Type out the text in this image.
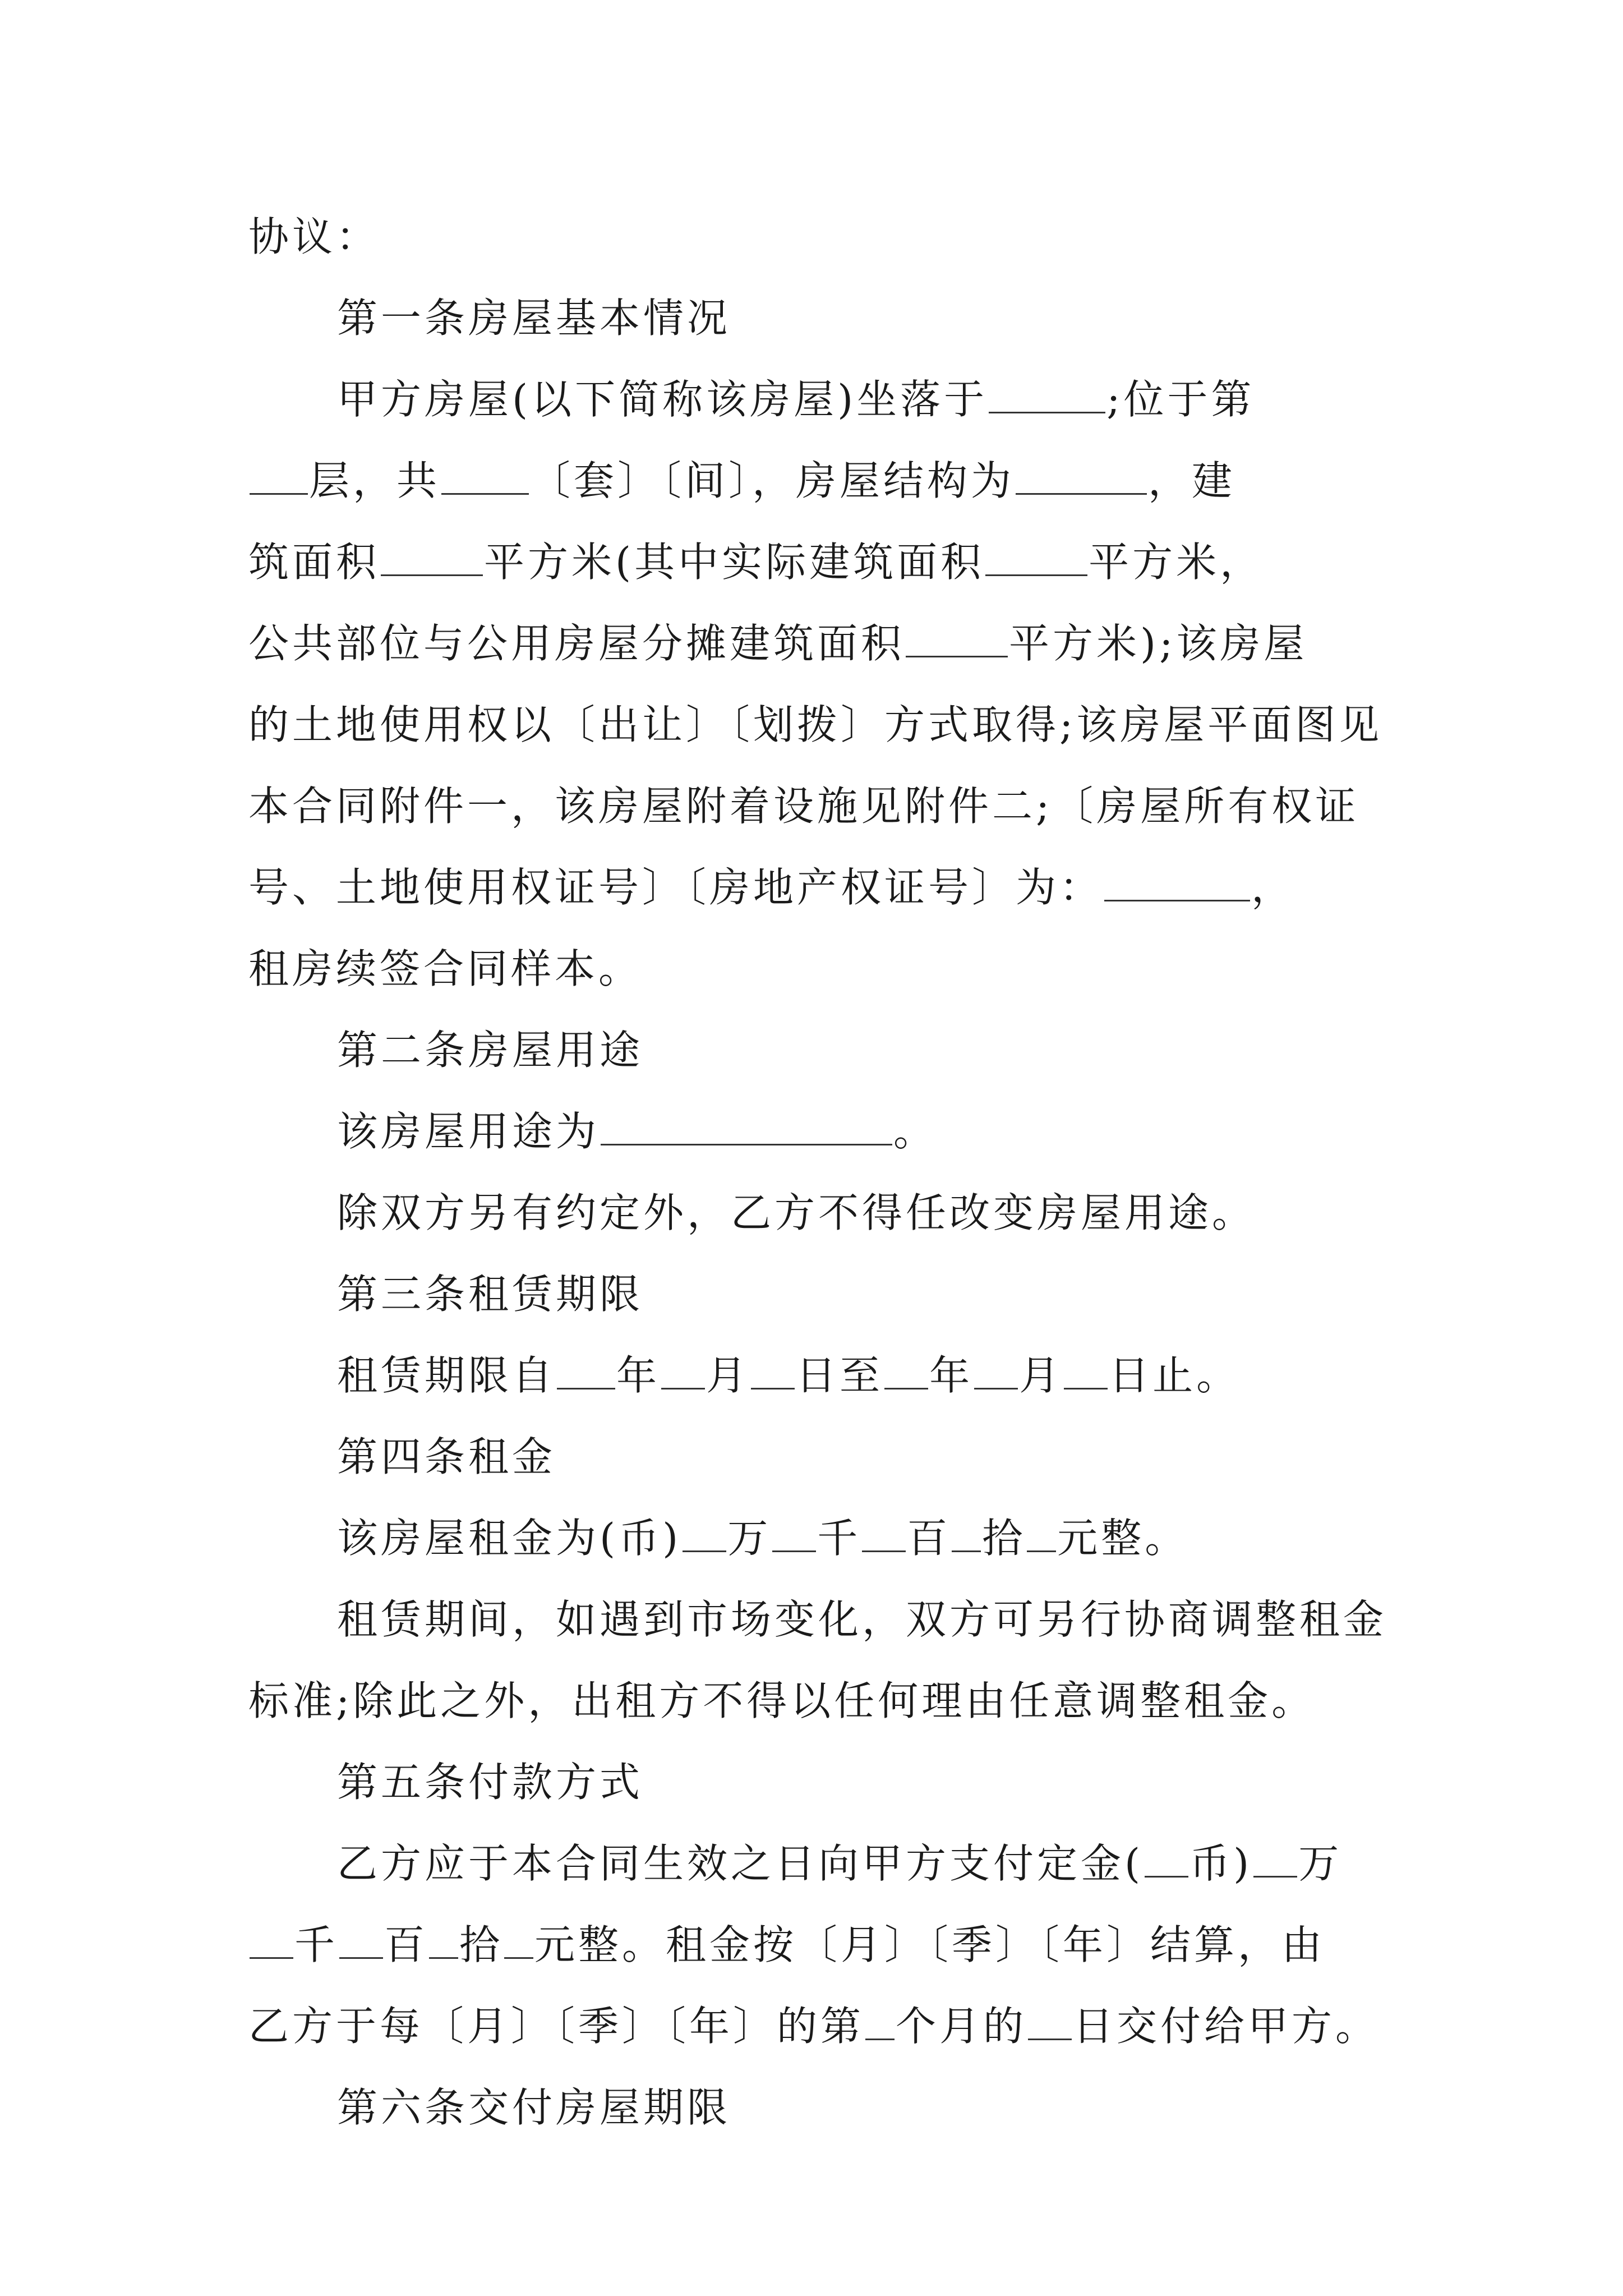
协议：
第一条房屋基本情况
甲方房屋(以下简称该房屋)坐落于	;位于第
层，共 〔套〕〔间〕，房屋结构为	，建
筑面积	平方米(其中实际建筑面积	平方米，
公共部位与公用房屋分摊建筑面积	平方米);该房屋
的土地使用权以〔出让〕〔划拨〕方式取得;该房屋平面图见
本合同附件一，该房屋附着设施见附件二;〔房屋所有权证
号、土地使用权证号〕〔房地产权证号〕为：	，
租房续签合同样本。
第二条房屋用途
该房屋用途为	。
除双方另有约定外，乙方不得任改变房屋用途。
第三条租赁期限
租赁期限自 年 月 日至 年 月 日止。
第四条租金
该房屋租金为(币) 万 千 百 拾 元整。
租赁期间，如遇到市场变化，双方可另行协商调整租金
标准;除此之外，出租方不得以任何理由任意调整租金。
第五条付款方式
乙方应于本合同生效之日向甲方支付定金( 币) 万
千 百 拾 元整。租金按〔月〕〔季〕〔年〕结算，由
乙方于每〔月〕〔季〕〔年〕的第 个月的 日交付给甲方。
第六条交付房屋期限
